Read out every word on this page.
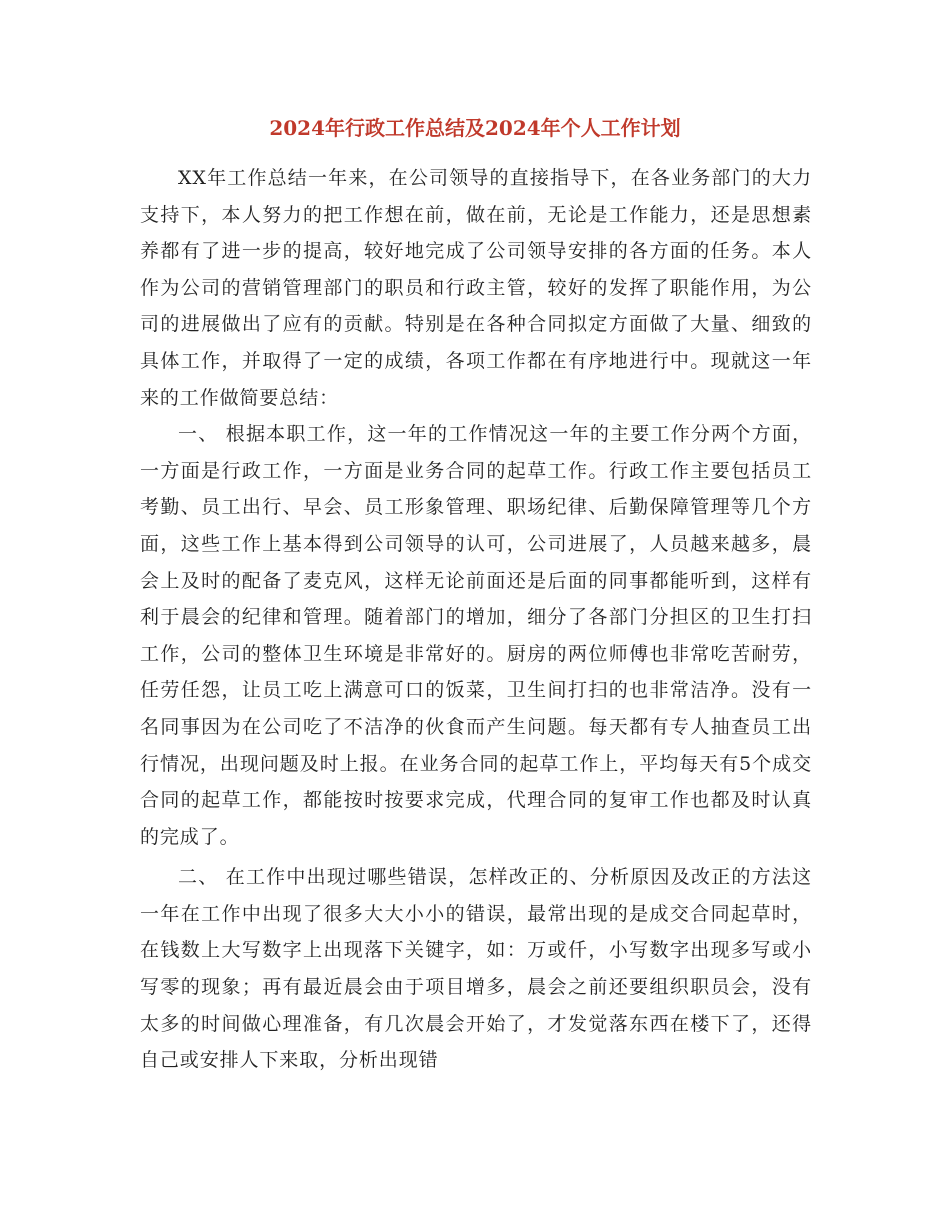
2024年行政工作总结及2024年个人工作计划

XX年工作总结一年来，在公司领导的直接指导下，在各业务部门的大力支持下，本人努力的把工作想在前，做在前，无论是工作能力，还是思想素养都有了进一步的提高，较好地完成了公司领导安排的各方面的任务。本人作为公司的营销管理部门的职员和行政主管，较好的发挥了职能作用，为公司的进展做出了应有的贡献。特别是在各种合同拟定方面做了大量、细致的具体工作，并取得了一定的成绩，各项工作都在有序地进行中。现就这一年来的工作做简要总结：

一、 根据本职工作，这一年的工作情况这一年的主要工作分两个方面，一方面是行政工作，一方面是业务合同的起草工作。行政工作主要包括员工考勤、员工出行、早会、员工形象管理、职场纪律、后勤保障管理等几个方面，这些工作上基本得到公司领导的认可，公司进展了，人员越来越多，晨会上及时的配备了麦克风，这样无论前面还是后面的同事都能听到，这样有利于晨会的纪律和管理。随着部门的增加，细分了各部门分担区的卫生打扫工作，公司的整体卫生环境是非常好的。厨房的两位师傅也非常吃苦耐劳，任劳任怨，让员工吃上满意可口的饭菜，卫生间打扫的也非常洁净。没有一名同事因为在公司吃了不洁净的伙食而产生问题。每天都有专人抽查员工出行情况，出现问题及时上报。在业务合同的起草工作上，平均每天有5个成交合同的起草工作，都能按时按要求完成，代理合同的复审工作也都及时认真的完成了。

二、 在工作中出现过哪些错误，怎样改正的、分析原因及改正的方法这一年在工作中出现了很多大大小小的错误，最常出现的是成交合同起草时，在钱数上大写数字上出现落下关键字，如：万或仟，小写数字出现多写或小写零的现象；再有最近晨会由于项目增多，晨会之前还要组织职员会，没有太多的时间做心理准备，有几次晨会开始了，才发觉落东西在楼下了，还得自己或安排人下来取，分析出现错
